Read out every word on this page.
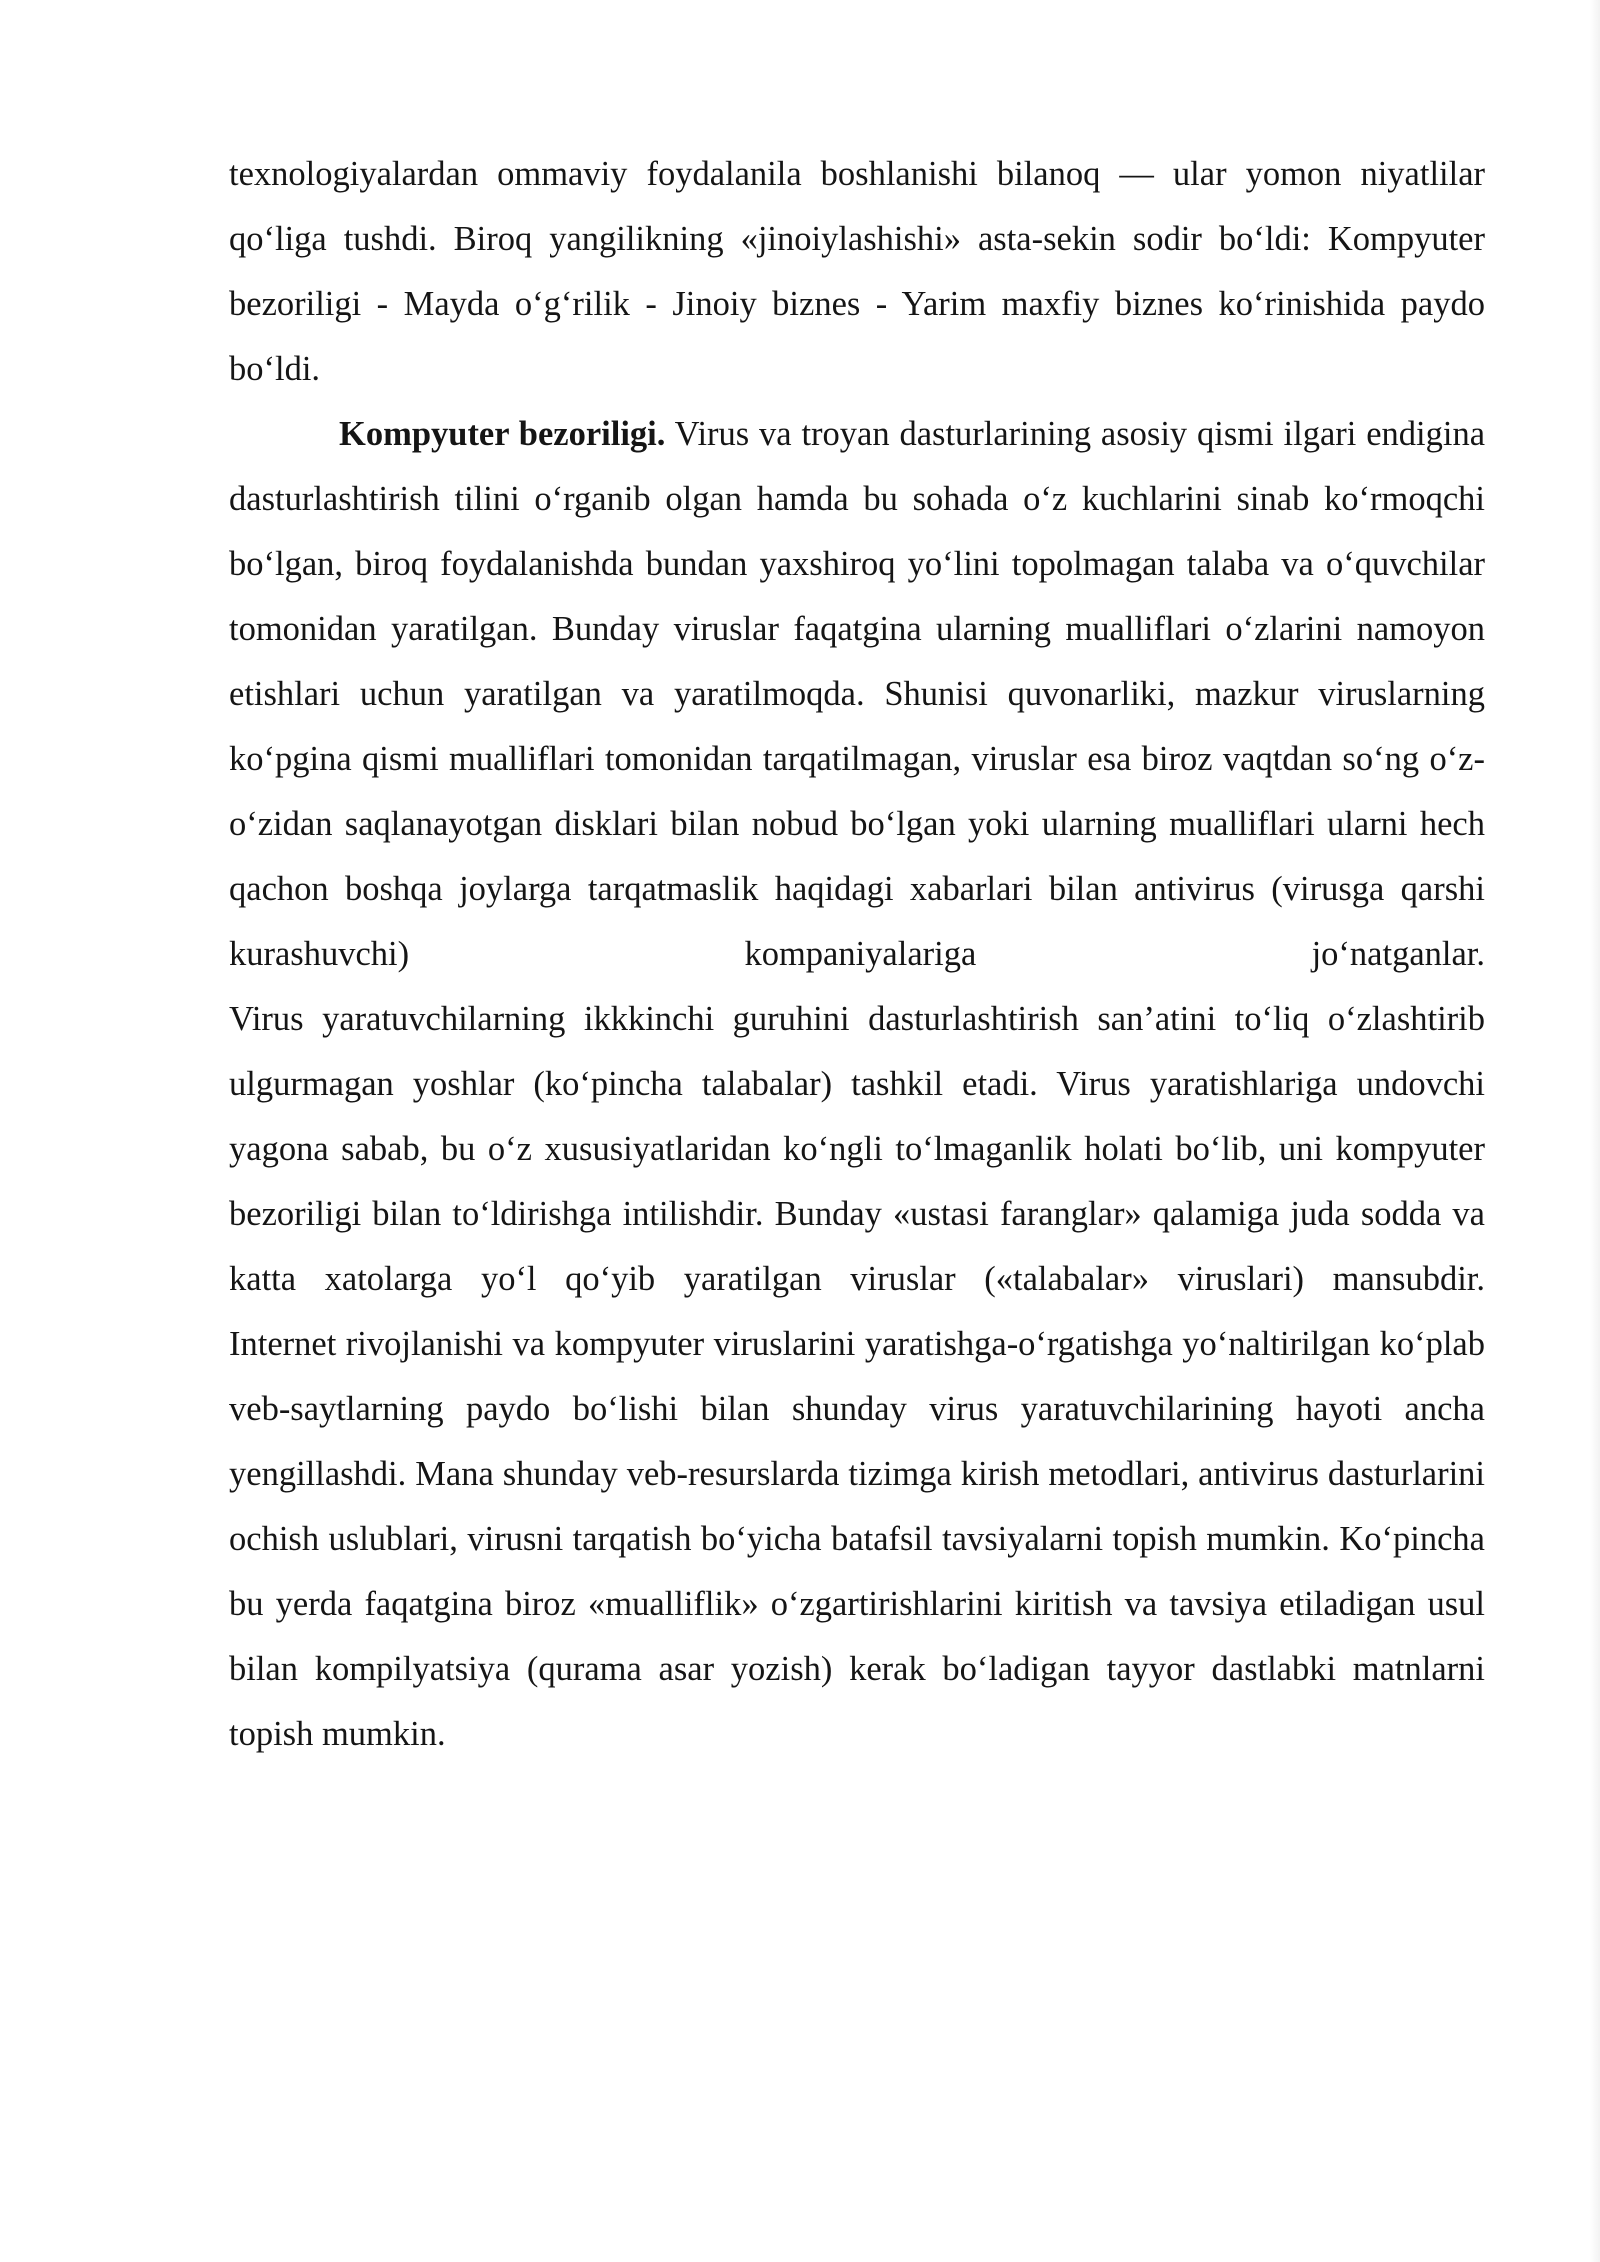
texnologiyalardan ommaviy foydalanila boshlanishi bilanoq — ular yomon niyatlilar qo‘liga tushdi. Biroq yangilikning «jinoiylashishi» asta-sekin sodir bo‘ldi: Kompyuter bezoriligi - Mayda o‘g‘rilik - Jinoiy biznes - Yarim maxfiy biznes ko‘rinishida paydo bo‘ldi.

Kompyuter bezoriligi. Virus va troyan dasturlarining asosiy qismi ilgari endigina dasturlashtirish tilini o‘rganib olgan hamda bu sohada o‘z kuchlarini sinab ko‘rmoqchi bo‘lgan, biroq foydalanishda bundan yaxshiroq yo‘lini topolmagan talaba va o‘quvchilar tomonidan yaratilgan. Bunday viruslar faqatgina ularning mualliflari o‘zlarini namoyon etishlari uchun yaratilgan va yaratilmoqda. Shunisi quvonarliki, mazkur viruslarning ko‘pgina qismi mualliflari tomonidan tarqatilmagan, viruslar esa biroz vaqtdan so‘ng o‘z-o‘zidan saqlanayotgan disklari bilan nobud bo‘lgan yoki ularning mualliflari ularni hech qachon boshqa joylarga tarqatmaslik haqidagi xabarlari bilan antivirus (virusga qarshi kurashuvchi) kompaniyalariga jo‘natganlar.

Virus yaratuvchilarning ikkkinchi guruhini dasturlashtirish san’atini to‘liq o‘zlashtirib ulgurmagan yoshlar (ko‘pincha talabalar) tashkil etadi. Virus yaratishlariga undovchi yagona sabab, bu o‘z xususiyatlaridan ko‘ngli to‘lmaganlik holati bo‘lib, uni kompyuter bezoriligi bilan to‘ldirishga intilishdir. Bunday «ustasi faranglar» qalamiga juda sodda va katta xatolarga yo‘l qo‘yib yaratilgan viruslar («talabalar» viruslari) mansubdir.

Internet rivojlanishi va kompyuter viruslarini yaratishga-o‘rgatishga yo‘naltirilgan ko‘plab veb-saytlarning paydo bo‘lishi bilan shunday virus yaratuvchilarining hayoti ancha yengillashdi. Mana shunday veb-resurslarda tizimga kirish metodlari, antivirus dasturlarini ochish uslublari, virusni tarqatish bo‘yicha batafsil tavsiyalarni topish mumkin. Ko‘pincha bu yerda faqatgina biroz «mualliflik» o‘zgartirishlarini kiritish va tavsiya etiladigan usul bilan kompilyatsiya (qurama asar yozish) kerak bo‘ladigan tayyor dastlabki matnlarni topish mumkin.
